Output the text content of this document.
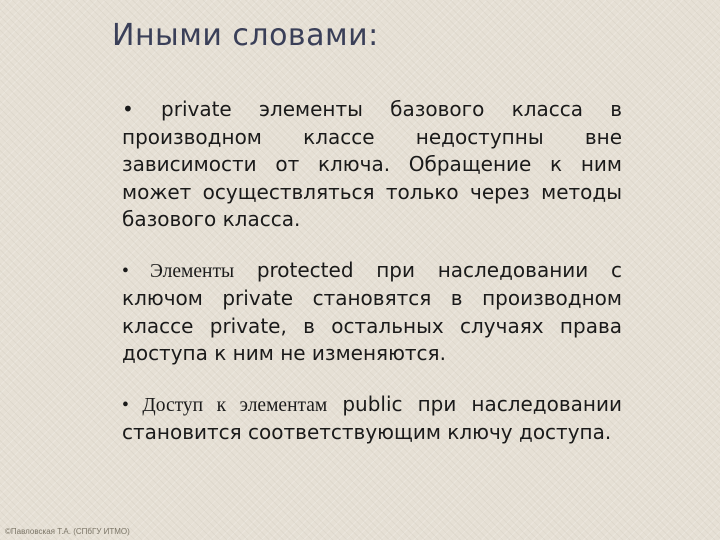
Иными словами:

• private элементы базового класса в производном классе недоступны вне зависимости от ключа. Обращение к ним может осуществляться только через методы базового класса.

• Элементы protected при наследовании с ключом private становятся в производном классе private, в остальных случаях права доступа к ним не изменяются.

• Доступ к элементам public при наследовании становится соответствующим ключу доступа.

©Павловская Т.А. (СПбГУ ИТМО)
